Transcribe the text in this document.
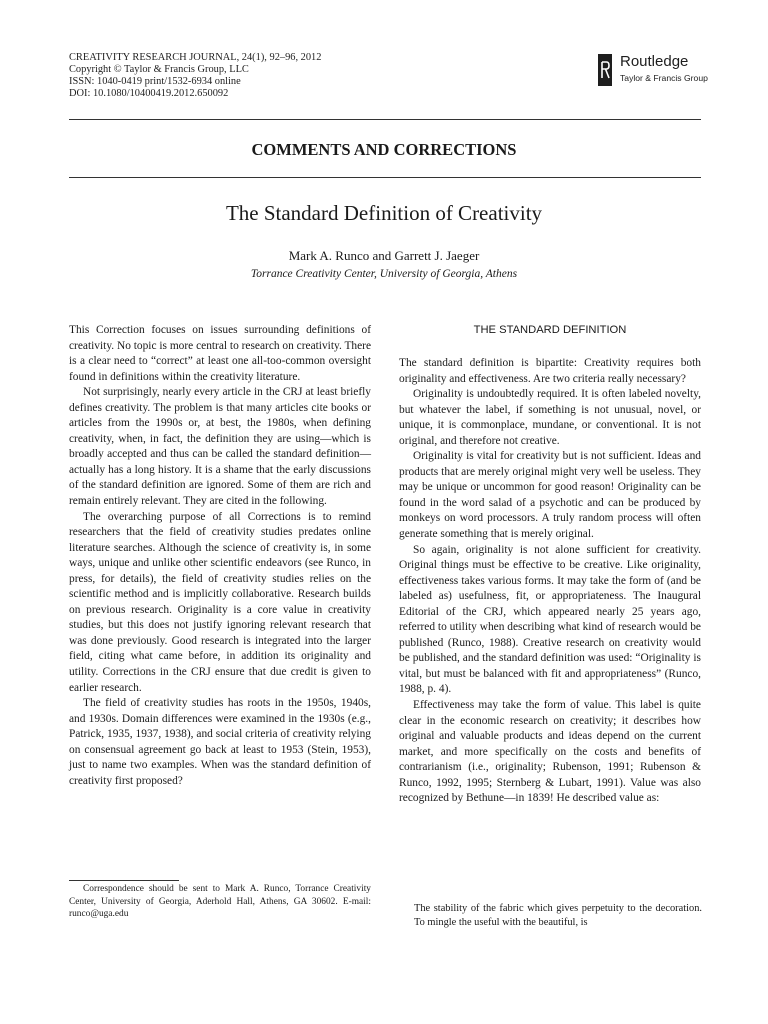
CREATIVITY RESEARCH JOURNAL, 24(1), 92–96, 2012
Copyright © Taylor & Francis Group, LLC
ISSN: 1040-0419 print/1532-6934 online
DOI: 10.1080/10400419.2012.650092
Routledge
Taylor & Francis Group
COMMENTS AND CORRECTIONS
The Standard Definition of Creativity
Mark A. Runco and Garrett J. Jaeger
Torrance Creativity Center, University of Georgia, Athens

This Correction focuses on issues surrounding definitions of creativity. No topic is more central to research on creativity. There is a clear need to “correct” at least one all-too-common oversight found in definitions within the creativity literature.

Not surprisingly, nearly every article in the CRJ at least briefly defines creativity. The problem is that many articles cite books or articles from the 1990s or, at best, the 1980s, when defining creativity, when, in fact, the definition they are using—which is broadly accepted and thus can be called the standard definition—actually has a long history. It is a shame that the early discussions of the standard definition are ignored. Some of them are rich and remain entirely relevant. They are cited in the following.

The overarching purpose of all Corrections is to remind researchers that the field of creativity studies predates online literature searches. Although the science of creativity is, in some ways, unique and unlike other scientific endeavors (see Runco, in press, for details), the field of creativity studies relies on the scientific method and is implicitly collaborative. Research builds on previous research. Originality is a core value in creativity studies, but this does not justify ignoring relevant research that was done previously. Good research is integrated into the larger field, citing what came before, in addition its originality and utility. Corrections in the CRJ ensure that due credit is given to earlier research.

The field of creativity studies has roots in the 1950s, 1940s, and 1930s. Domain differences were examined in the 1930s (e.g., Patrick, 1935, 1937, 1938), and social criteria of creativity relying on consensual agreement go back at least to 1953 (Stein, 1953), just to name two examples. When was the standard definition of creativity first proposed?

Correspondence should be sent to Mark A. Runco, Torrance Creativity Center, University of Georgia, Aderhold Hall, Athens, GA 30602. E-mail: runco@uga.edu

THE STANDARD DEFINITION

The standard definition is bipartite: Creativity requires both originality and effectiveness. Are two criteria really necessary?

Originality is undoubtedly required. It is often labeled novelty, but whatever the label, if something is not unusual, novel, or unique, it is commonplace, mundane, or conventional. It is not original, and therefore not creative.

Originality is vital for creativity but is not sufficient. Ideas and products that are merely original might very well be useless. They may be unique or uncommon for good reason! Originality can be found in the word salad of a psychotic and can be produced by monkeys on word processors. A truly random process will often generate something that is merely original.

So again, originality is not alone sufficient for creativity. Original things must be effective to be creative. Like originality, effectiveness takes various forms. It may take the form of (and be labeled as) usefulness, fit, or appropriateness. The Inaugural Editorial of the CRJ, which appeared nearly 25 years ago, referred to utility when describing what kind of research would be published (Runco, 1988). Creative research on creativity would be published, and the standard definition was used: “Originality is vital, but must be balanced with fit and appropriateness” (Runco, 1988, p. 4).

Effectiveness may take the form of value. This label is quite clear in the economic research on creativity; it describes how original and valuable products and ideas depend on the current market, and more specifically on the costs and benefits of contrarianism (i.e., originality; Rubenson, 1991; Rubenson & Runco, 1992, 1995; Sternberg & Lubart, 1991). Value was also recognized by Bethune—in 1839! He described value as:

The stability of the fabric which gives perpetuity to the decoration. To mingle the useful with the beautiful, is
